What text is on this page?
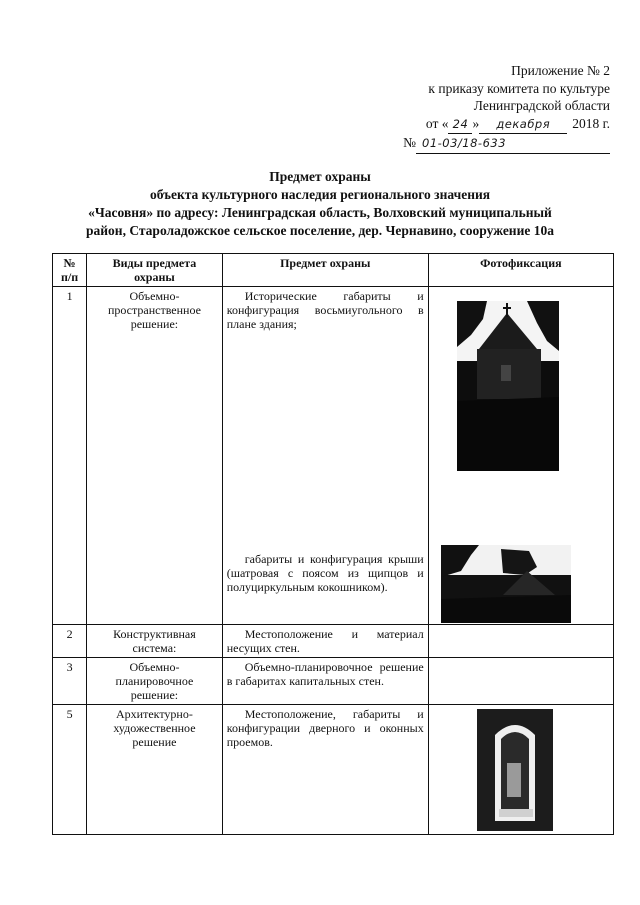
Приложение № 2
к приказу комитета по культуре
Ленинградской области
от « 24 »	декабря	2018 г.
№ 01-03/18-633
Предмет охраны
объекта культурного наследия регионального значения
«Часовня» по адресу: Ленинградская область, Волховский муниципальный
район, Староладожское сельское поселение, дер. Чернавино, сооружение 10а
№ п/п	Виды предмета охраны	Предмет охраны	Фотофиксация
1	Объемно-пространственное решение:	Исторические габариты и конфигурация восьмиугольного в плане здания;
габариты и конфигурация крыши (шатровая с поясом из щипцов и полуциркульным кокошником).

2	Конструктивная система:	Местоположение и материал несущих стен.	
3	Объемно-планировочное решение:	Объемно-планировочное решение в габаритах капитальных стен.	
5	Архитектурно-художественное решение	Местоположение, габариты и конфигурации дверного и оконных проемов.	
